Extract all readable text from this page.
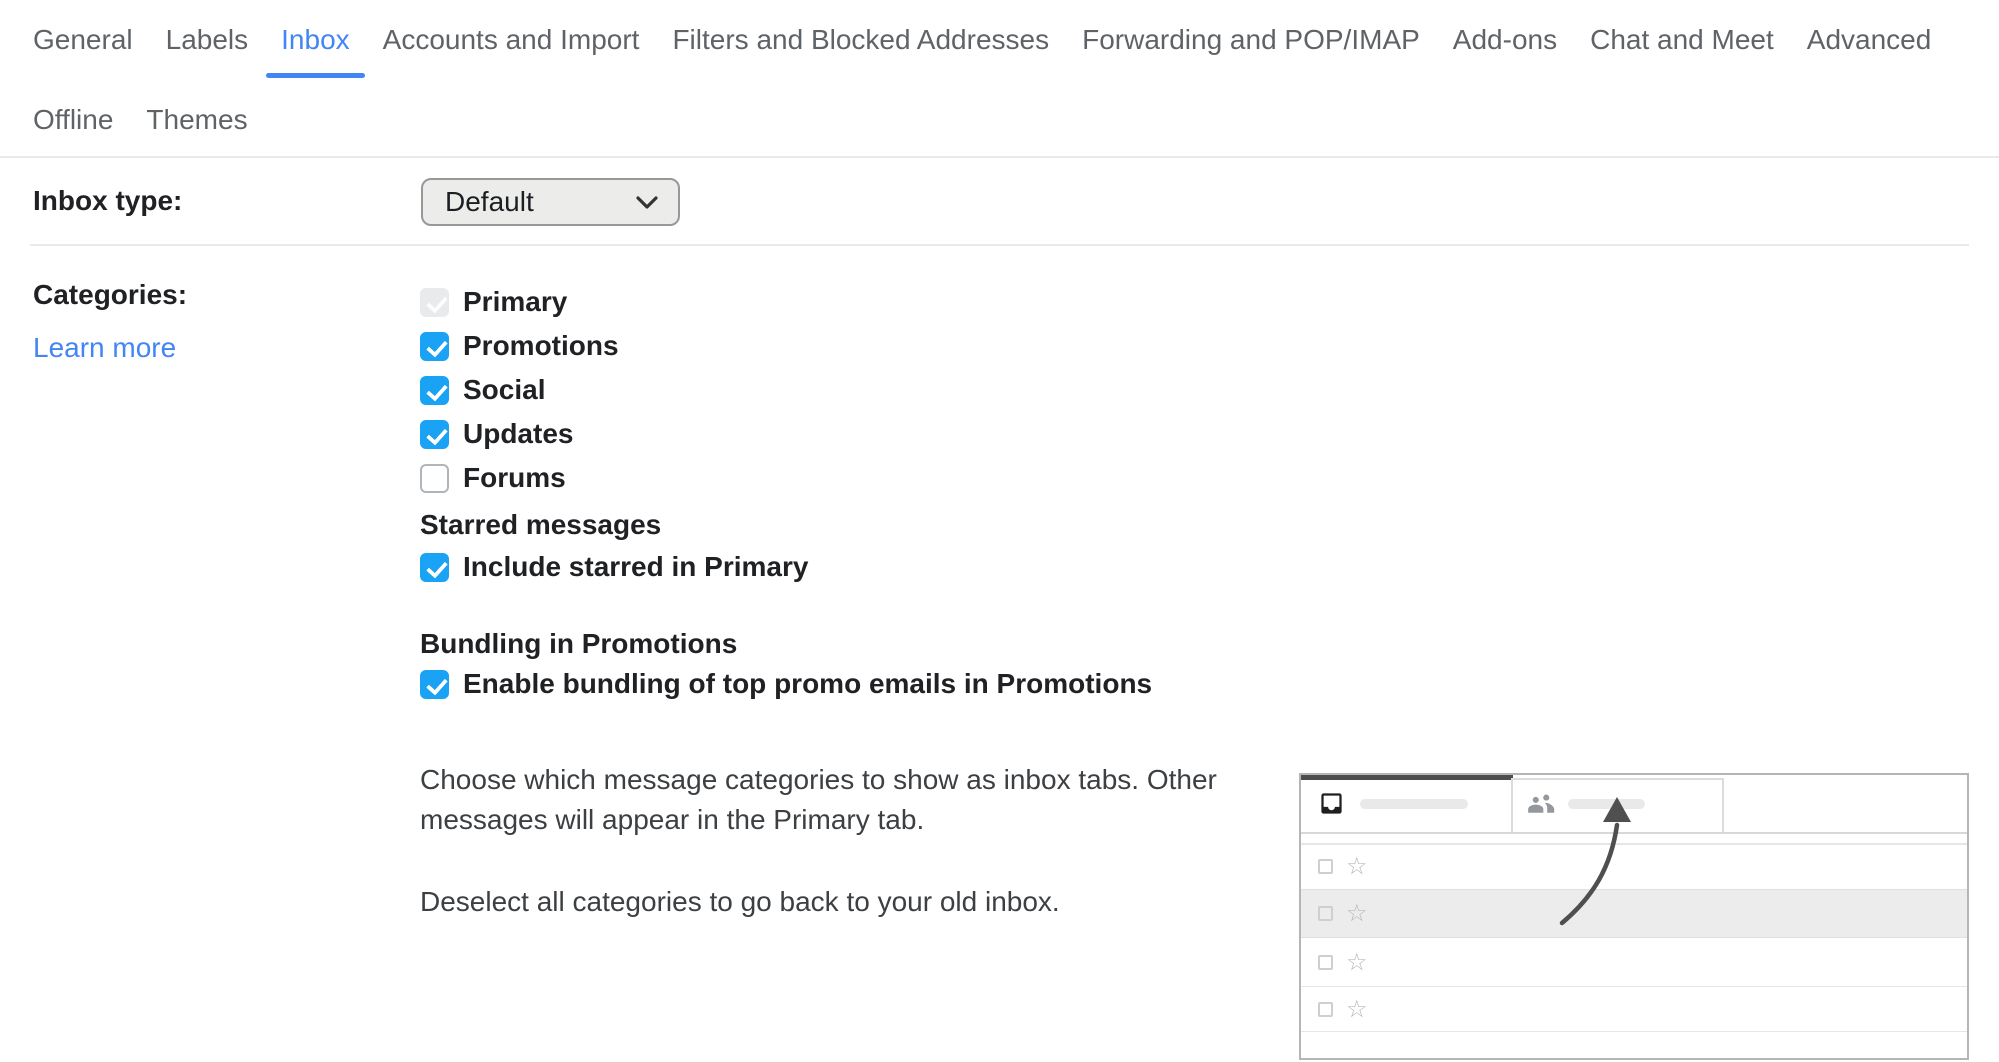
General Labels Inbox Accounts and Import Filters and Blocked Addresses Forwarding and POP/IMAP Add-ons Chat and Meet Advanced
Offline Themes
Inbox type:	Default
Categories:
Learn more
Primary
Promotions
Social
Updates
Forums
Starred messages
Include starred in Primary
Bundling in Promotions
Enable bundling of top promo emails in Promotions
Choose which message categories to show as inbox tabs. Other messages will appear in the Primary tab.
Deselect all categories to go back to your old inbox.
☆
☆
☆
☆
